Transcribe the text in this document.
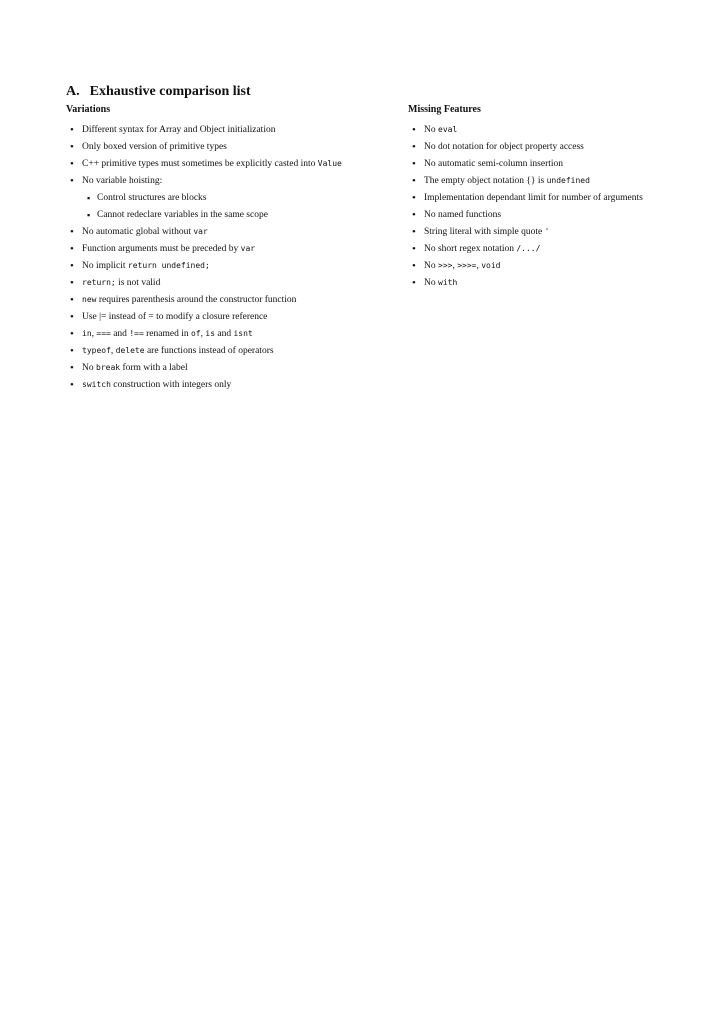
A. Exhaustive comparison list
Variations
• Different syntax for Array and Object initialization
• Only boxed version of primitive types
• C++ primitive types must sometimes be explicitly casted into Value
• No variable hoisting:
▪ Control structures are blocks
▪ Cannot redeclare variables in the same scope
• No automatic global without var
• Function arguments must be preceded by var
• No implicit return undefined;
• return; is not valid
• new requires parenthesis around the constructor function
• Use |= instead of = to modify a closure reference
• in, === and !== renamed in of, is and isnt
• typeof, delete are functions instead of operators
• No break form with a label
• switch construction with integers only
Missing Features
• No eval
• No dot notation for object property access
• No automatic semi-column insertion
• The empty object notation {} is undefined
• Implementation dependant limit for number of arguments
• No named functions
• String literal with simple quote '
• No short regex notation /.../
• No >>>, >>>=, void
• No with
